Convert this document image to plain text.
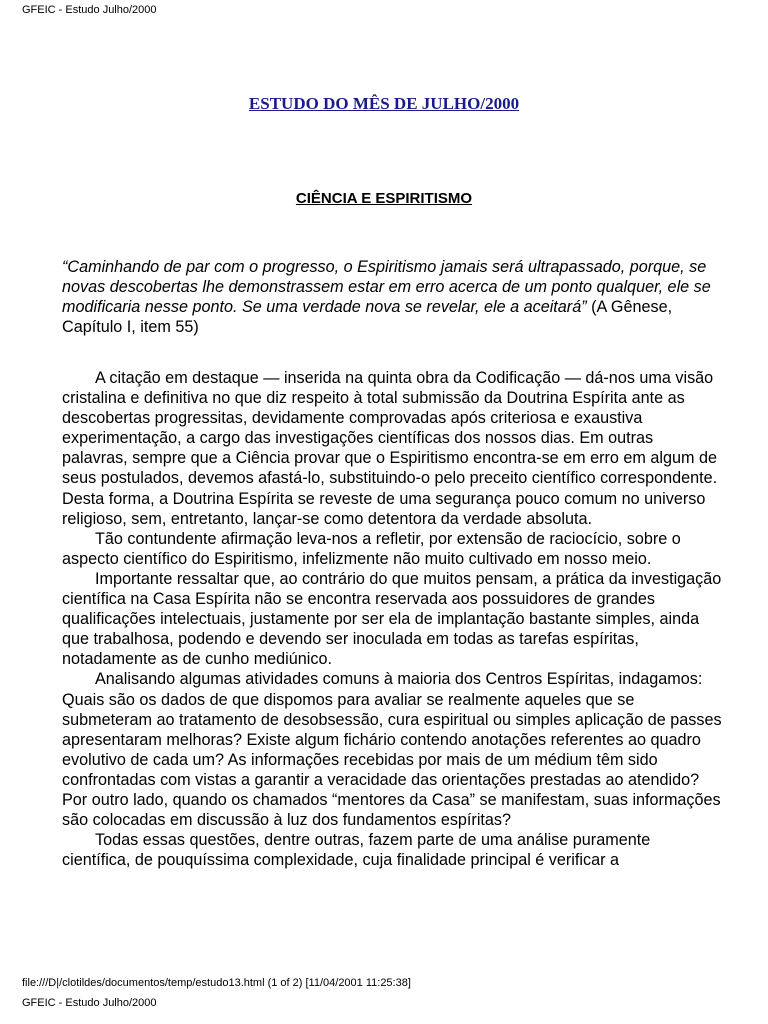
GFEIC - Estudo Julho/2000
ESTUDO DO MÊS DE JULHO/2000
CIÊNCIA E ESPIRITISMO
“Caminhando de par com o progresso, o Espiritismo jamais será ultrapassado, porque, se novas descobertas lhe demonstrassem estar em erro acerca de um ponto qualquer, ele se modificaria nesse ponto. Se uma verdade nova se revelar, ele a aceitará” (A Gênese, Capítulo I, item 55)

A citação em destaque — inserida na quinta obra da Codificação — dá-nos uma visão cristalina e definitiva no que diz respeito à total submissão da Doutrina Espírita ante as descobertas progressitas, devidamente comprovadas após criteriosa e exaustiva experimentação, a cargo das investigações científicas dos nossos dias. Em outras palavras, sempre que a Ciência provar que o Espiritismo encontra-se em erro em algum de seus postulados, devemos afastá-lo, substituindo-o pelo preceito científico correspondente. Desta forma, a Doutrina Espírita se reveste de uma segurança pouco comum no universo religioso, sem, entretanto, lançar-se como detentora da verdade absoluta.

Tão contundente afirmação leva-nos a refletir, por extensão de raciocício, sobre o aspecto científico do Espiritismo, infelizmente não muito cultivado em nosso meio.

Importante ressaltar que, ao contrário do que muitos pensam, a prática da investigação científica na Casa Espírita não se encontra reservada aos possuidores de grandes qualificações intelectuais, justamente por ser ela de implantação bastante simples, ainda que trabalhosa, podendo e devendo ser inoculada em todas as tarefas espíritas, notadamente as de cunho mediúnico.

Analisando algumas atividades comuns à maioria dos Centros Espíritas, indagamos: Quais são os dados de que dispomos para avaliar se realmente aqueles que se submeteram ao tratamento de desobsessão, cura espiritual ou simples aplicação de passes apresentaram melhoras? Existe algum fichário contendo anotações referentes ao quadro evolutivo de cada um? As informações recebidas por mais de um médium têm sido confrontadas com vistas a garantir a veracidade das orientações prestadas ao atendido? Por outro lado, quando os chamados “mentores da Casa” se manifestam, suas informações são colocadas em discussão à luz dos fundamentos espíritas?

Todas essas questões, dentre outras, fazem parte de uma análise puramente científica, de pouquíssima complexidade, cuja finalidade principal é verificar a

file:///D|/clotildes/documentos/temp/estudo13.html (1 of 2) [11/04/2001 11:25:38]
GFEIC - Estudo Julho/2000
